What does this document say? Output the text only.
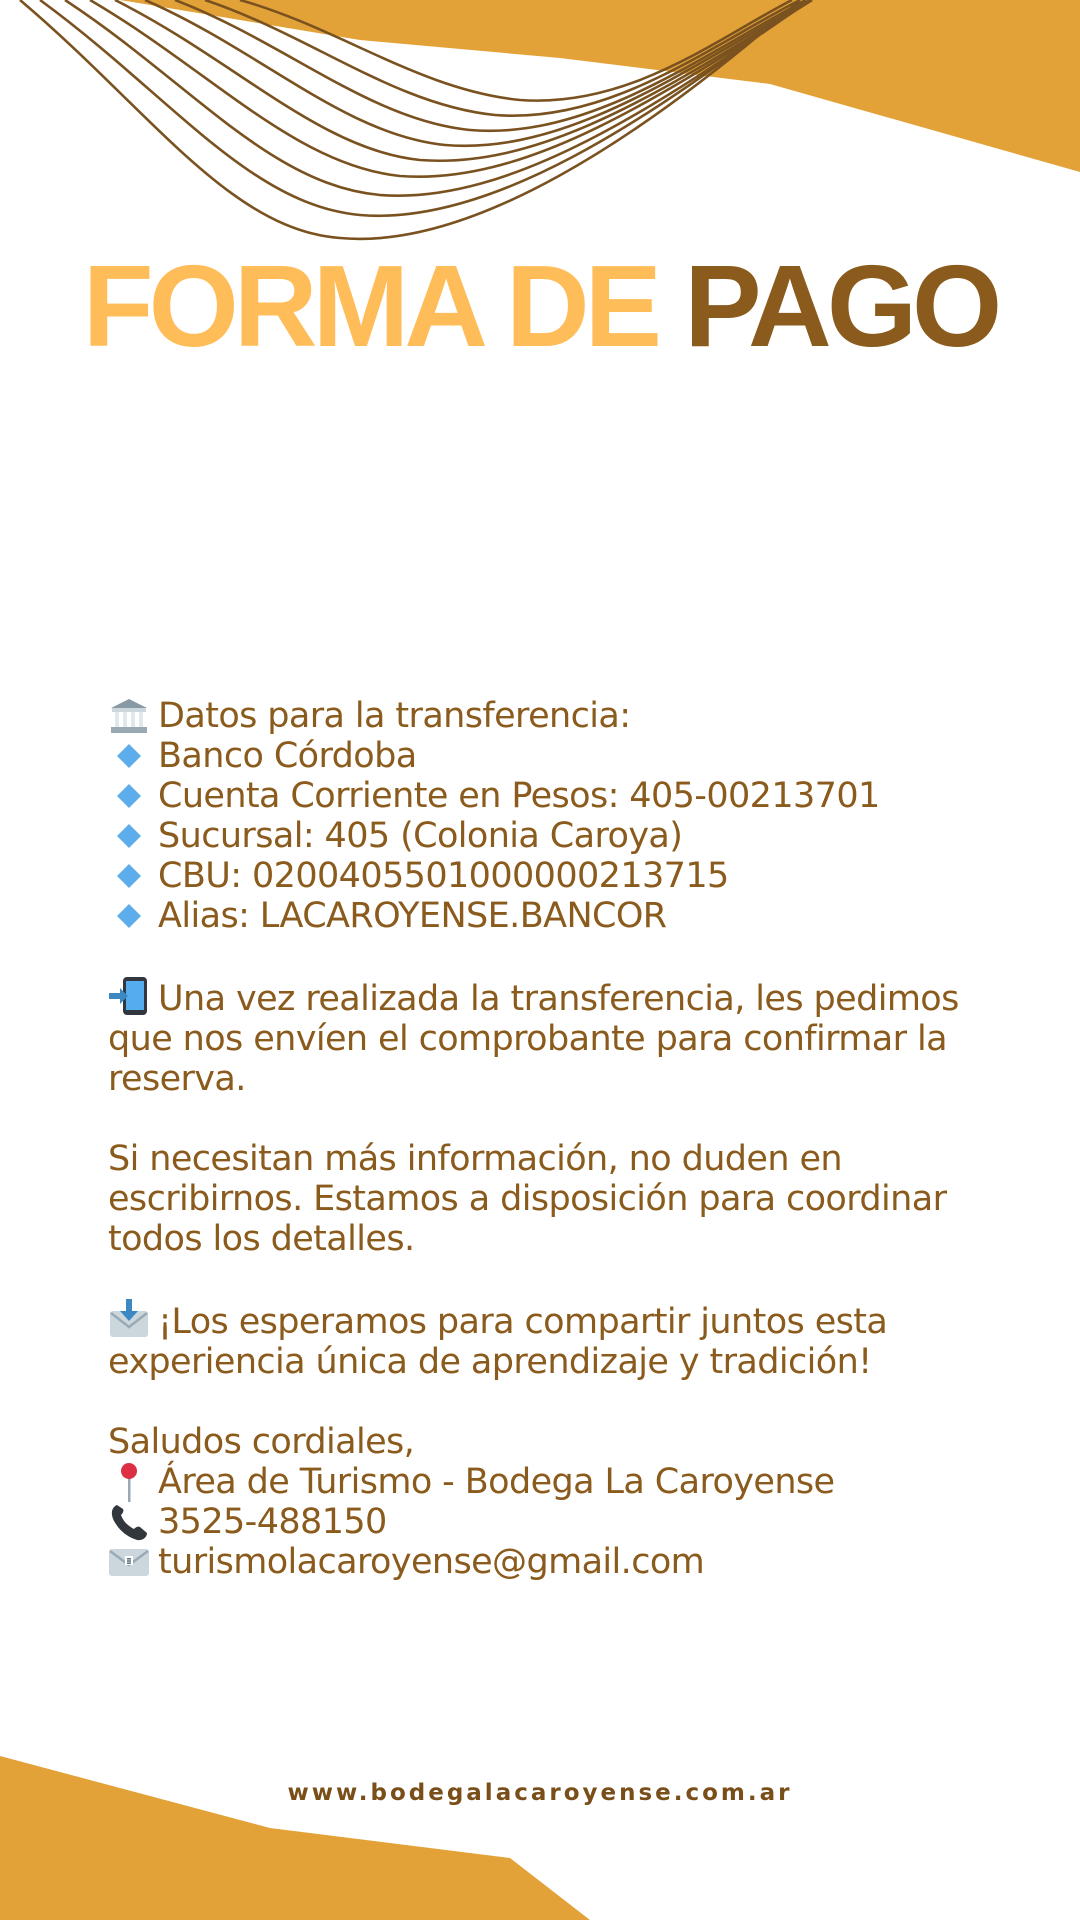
FORMA DE PAGO
Datos para la transferencia:
Banco Córdoba
Cuenta Corriente en Pesos: 405-00213701
Sucursal: 405 (Colonia Caroya)
CBU: 0200405501000000213715
Alias: LACAROYENSE.BANCOR
Una vez realizada la transferencia, les pedimos que nos envíen el comprobante para confirmar la reserva.
Si necesitan más información, no duden en escribirnos. Estamos a disposición para coordinar todos los detalles.
¡Los esperamos para compartir juntos esta experiencia única de aprendizaje y tradición!
Saludos cordiales,
Área de Turismo - Bodega La Caroyense
3525-488150
turismolacaroyense@gmail.com
www.bodegalacaroyense.com.ar
